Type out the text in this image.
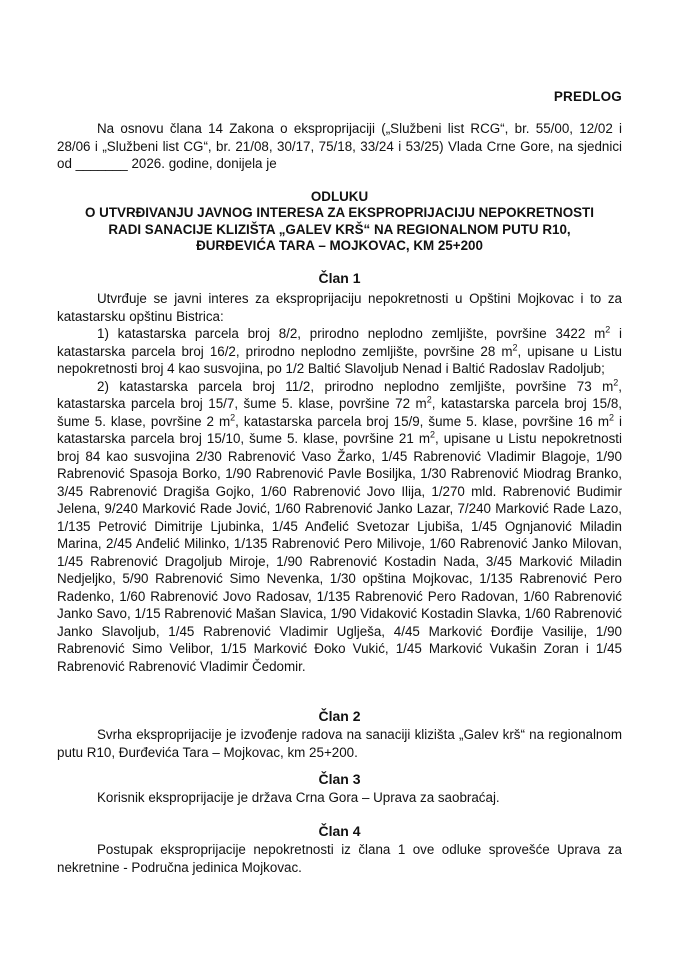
PREDLOG

Na osnovu člana 14 Zakona o eksproprijaciji („Službeni list RCG“, br. 55/00, 12/02 i 28/06 i „Službeni list CG“, br. 21/08, 30/17, 75/18, 33/24 i 53/25) Vlada Crne Gore, na sjednici od _______ 2026. godine, donijela je

ODLUKU
O UTVRĐIVANJU JAVNOG INTERESA ZA EKSPROPRIJACIJU NEPOKRETNOSTI
RADI SANACIJE KLIZIŠTA „GALEV KRŠ“ NA REGIONALNOM PUTU R10,
ĐURĐEVIĆA TARA – MOJKOVAC, KM 25+200
Član 1

Utvrđuje se javni interes za eksproprijaciju nepokretnosti u Opštini Mojkovac i to za katastarsku opštinu Bistrica:

1) katastarska parcela broj 8/2, prirodno neplodno zemljište, površine 3422 $m^2$ i katastarska parcela broj 16/2, prirodno neplodno zemljište, površine 28 $m^2$, upisane u Listu nepokretnosti broj 4 kao susvojina, po 1/2 Baltić Slavoljub Nenad i Baltić Radoslav Radoljub;

2) katastarska parcela broj 11/2, prirodno neplodno zemljište, površine 73 $m^2$, katastarska parcela broj 15/7, šume 5. klase, površine 72 $m^2$, katastarska parcela broj 15/8, šume 5. klase, površine 2 $m^2$, katastarska parcela broj 15/9, šume 5. klase, površine 16 $m^2$ i katastarska parcela broj 15/10, šume 5. klase, površine 21 $m^2$, upisane u Listu nepokretnosti broj 84 kao susvojina 2/30 Rabrenović Vaso Žarko, 1/45 Rabrenović Vladimir Blagoje, 1/90 Rabrenović Spasoja Borko, 1/90 Rabrenović Pavle Bosiljka, 1/30 Rabrenović Miodrag Branko, 3/45 Rabrenović Dragiša Gojko, 1/60 Rabrenović Jovo Ilija, 1/270 mld. Rabrenović Budimir Jelena, 9/240 Marković Rade Jović, 1/60 Rabrenović Janko Lazar, 7/240 Marković Rade Lazo, 1/135 Petrović Dimitrije Ljubinka, 1/45 Anđelić Svetozar Ljubiša, 1/45 Ognjanović Miladin Marina, 2/45 Anđelić Milinko, 1/135 Rabrenović Pero Milivoje, 1/60 Rabrenović Janko Milovan, 1/45 Rabrenović Dragoljub Miroje, 1/90 Rabrenović Kostadin Nada, 3/45 Marković Miladin Nedjeljko, 5/90 Rabrenović Simo Nevenka, 1/30 opština Mojkovac, 1/135 Rabrenović Pero Radenko, 1/60 Rabrenović Jovo Radosav, 1/135 Rabrenović Pero Radovan, 1/60 Rabrenović Janko Savo, 1/15 Rabrenović Mašan Slavica, 1/90 Vidaković Kostadin Slavka, 1/60 Rabrenović Janko Slavoljub, 1/45 Rabrenović Vladimir Uglješa, 4/45 Marković Đorđije Vasilije, 1/90 Rabrenović Simo Velibor, 1/15 Marković Đoko Vukić, 1/45 Marković Vukašin Zoran i 1/45 Rabrenović Rabrenović Vladimir Čedomir.

Član 2

Svrha eksproprijacije je izvođenje radova na sanaciji klizišta „Galev krš“ na regionalnom putu R10, Đurđevića Tara – Mojkovac, km 25+200.

Član 3

Korisnik eksproprijacije je država Crna Gora – Uprava za saobraćaj.

Član 4

Postupak eksproprijacije nepokretnosti iz člana 1 ove odluke sprovešće Uprava za nekretnine - Područna jedinica Mojkovac.
